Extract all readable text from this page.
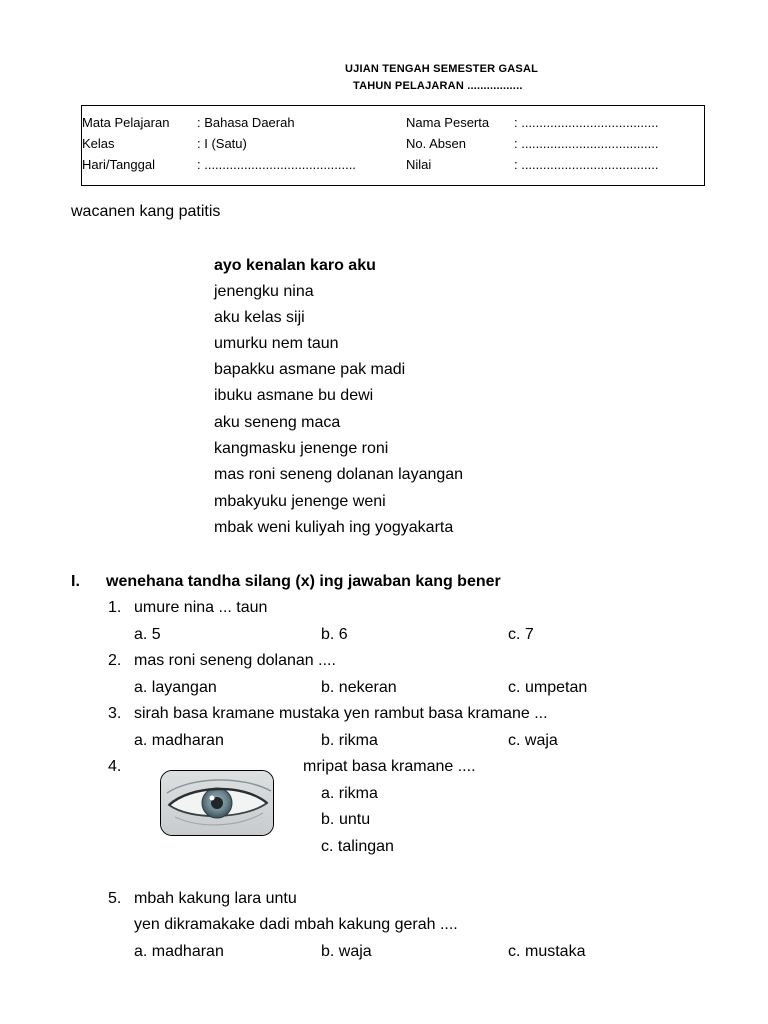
UJIAN TENGAH SEMESTER GASAL
TAHUN PELAJARAN .................
Mata Pelajaran : Bahasa Daerah	Nama Peserta : ......................................
Kelas	: I (Satu)	No. Absen	: ......................................
Hari/Tanggal	: ..........................................	Nilai	: ......................................
wacanen kang patitis
ayo kenalan karo aku
jenengku nina
aku kelas siji
umurku nem taun
bapakku asmane pak madi
ibuku asmane bu dewi
aku seneng maca
kangmasku jenenge roni
mas roni seneng dolanan layangan
mbakyuku jenenge weni
mbak weni kuliyah ing yogyakarta
I. wenehana tandha silang (x) ing jawaban kang bener
1. umure nina ... taun
a. 5	b. 6	c. 7
2. mas roni seneng dolanan ....
a. layangan	b. nekeran	c. umpetan
3. sirah basa kramane mustaka yen rambut basa kramane ...
a. madharan	b. rikma	c. waja
4.	mripat basa kramane ....
a. rikma
b. untu
c. talingan
5. mbah kakung lara untu
yen dikramakake dadi mbah kakung gerah ....
a. madharan	b. waja	c. mustaka
